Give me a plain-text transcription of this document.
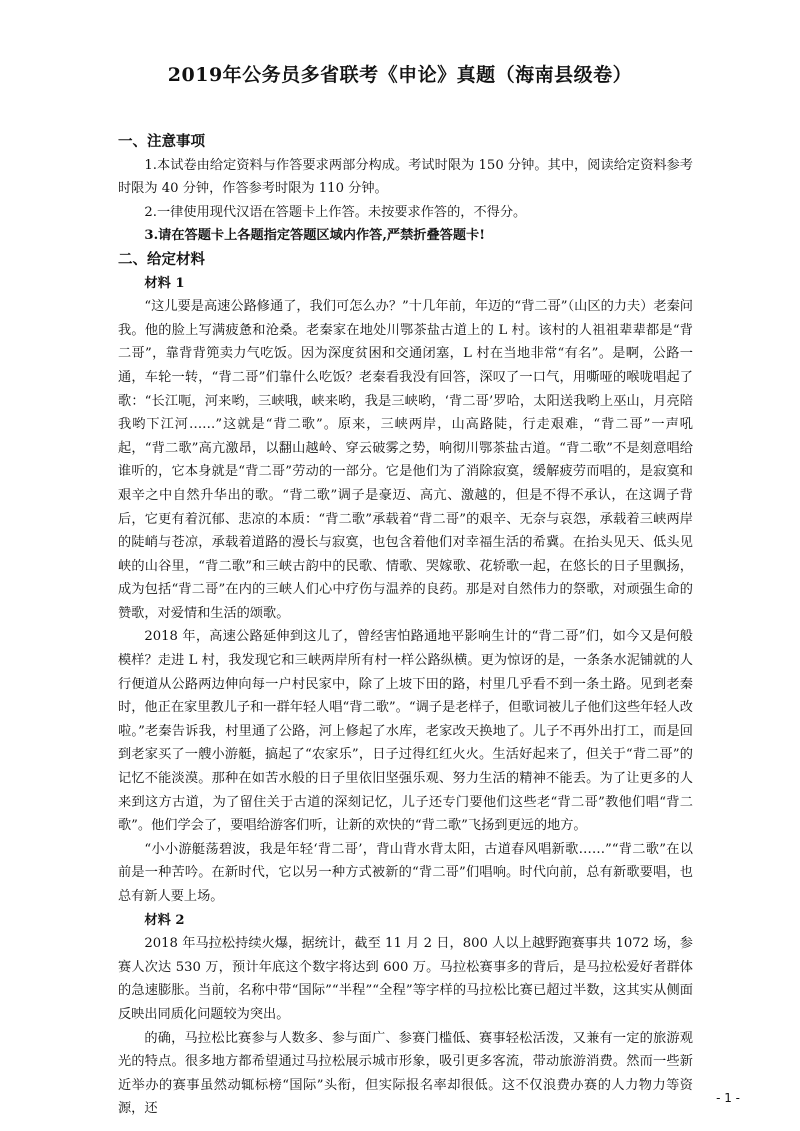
2019年公务员多省联考《申论》真题（海南县级卷）

一、注意事项

1.本试卷由给定资料与作答要求两部分构成。考试时限为 150 分钟。其中，阅读给定资料参考时限为 40 分钟，作答参考时限为 110 分钟。

2.一律使用现代汉语在答题卡上作答。未按要求作答的，不得分。

3.请在答题卡上各题指定答题区域内作答,严禁折叠答题卡!

二、给定材料

材料 1

“这儿要是高速公路修通了，我们可怎么办？”十几年前，年迈的“背二哥”（山区的力夫）老秦问我。他的脸上写满疲惫和沧桑。老秦家在地处川鄂茶盐古道上的 L 村。该村的人祖祖辈辈都是“背二哥”，靠背背篼卖力气吃饭。因为深度贫困和交通闭塞，L 村在当地非常“有名”。是啊，公路一通，车轮一转，“背二哥”们靠什么吃饭？老秦看我没有回答，深叹了一口气，用嘶哑的喉咙唱起了歌：“长江呃，河来哟，三峡哦，峡来哟，我是三峡哟，‘背二哥’罗哈，太阳送我哟上巫山，月亮陪我哟下江河……”这就是“背二歌”。原来，三峡两岸，山高路陡，行走艰难，“背二哥”一声吼起，“背二歌”高亢激昂，以翻山越岭、穿云破雾之势，响彻川鄂茶盐古道。“背二歌”不是刻意唱给谁听的，它本身就是“背二哥”劳动的一部分。它是他们为了消除寂寞，缓解疲劳而唱的，是寂寞和艰辛之中自然升华出的歌。“背二歌”调子是豪迈、高亢、激越的，但是不得不承认，在这调子背后，它更有着沉郁、悲凉的本质：“背二歌”承载着“背二哥”的艰辛、无奈与哀怨，承载着三峡两岸的陡峭与苍凉，承载着道路的漫长与寂寞，也包含着他们对幸福生活的希冀。在抬头见天、低头见峡的山谷里，“背二歌”和三峡古韵中的民歌、情歌、哭嫁歌、花轿歌一起，在悠长的日子里飘扬，成为包括“背二哥”在内的三峡人们心中疗伤与温养的良药。那是对自然伟力的祭歌，对顽强生命的赞歌，对爱情和生活的颂歌。

2018 年，高速公路延伸到这儿了，曾经害怕路通地平影响生计的“背二哥”们，如今又是何般模样？走进 L 村，我发现它和三峡两岸所有村一样公路纵横。更为惊讶的是，一条条水泥铺就的人行便道从公路两边伸向每一户村民家中，除了上坡下田的路，村里几乎看不到一条土路。见到老秦时，他正在家里教儿子和一群年轻人唱“背二歌”。“调子是老样子，但歌词被儿子他们这些年轻人改啦。”老秦告诉我，村里通了公路，河上修起了水库，老家改天换地了。儿子不再外出打工，而是回到老家买了一艘小游艇，搞起了“农家乐”，日子过得红红火火。生活好起来了，但关于“背二哥”的记忆不能淡漠。那种在如苦水般的日子里依旧坚强乐观、努力生活的精神不能丢。为了让更多的人来到这方古道，为了留住关于古道的深刻记忆，儿子还专门要他们这些老“背二哥”教他们唱“背二歌”。他们学会了，要唱给游客们听，让新的欢快的“背二歌”飞扬到更远的地方。

“小小游艇荡碧波，我是年轻‘背二哥’，背山背水背太阳，古道春风唱新歌……”“背二歌”在以前是一种苦吟。在新时代，它以另一种方式被新的“背二哥”们唱响。时代向前，总有新歌要唱，也总有新人要上场。

材料 2

2018 年马拉松持续火爆，据统计，截至 11 月 2 日，800 人以上越野跑赛事共 1072 场，参赛人次达 530 万，预计年底这个数字将达到 600 万。马拉松赛事多的背后，是马拉松爱好者群体的急速膨胀。当前，名称中带“国际”“半程”“全程”等字样的马拉松比赛已超过半数，这其实从侧面反映出同质化问题较为突出。

的确，马拉松比赛参与人数多、参与面广、参赛门槛低、赛事轻松活泼，又兼有一定的旅游观光的特点。很多地方都希望通过马拉松展示城市形象，吸引更多客流，带动旅游消费。然而一些新近举办的赛事虽然动辄标榜“国际”头衔，但实际报名率却很低。这不仅浪费办赛的人力物力等资源，还

- 1 -
